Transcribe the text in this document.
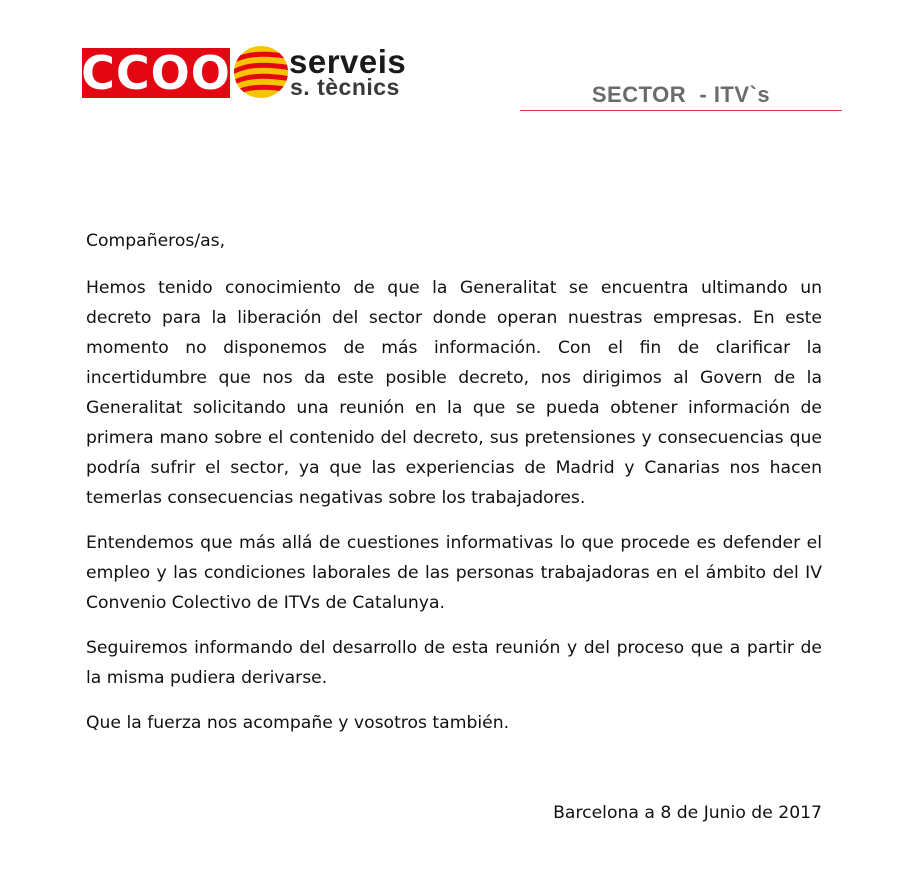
CCOO serveis
s. tècnics	SECTOR  - ITV`s

Compañeros/as,

Hemos tenido conocimiento de que la Generalitat se encuentra ultimando un decreto para la liberación del sector donde operan nuestras empresas. En este momento no disponemos de más información. Con el fin de clarificar la incertidumbre que nos da este posible decreto, nos dirigimos al Govern de la Generalitat solicitando una reunión en la que se pueda obtener información de primera mano sobre el contenido del decreto, sus pretensiones y consecuencias que podría sufrir el sector, ya que las experiencias de Madrid y Canarias nos hacen temerlas consecuencias negativas sobre los trabajadores.

Entendemos que más allá de cuestiones informativas lo que procede es defender el empleo y las condiciones laborales de las personas trabajadoras en el ámbito del IV Convenio Colectivo de ITVs de Catalunya.

Seguiremos informando del desarrollo de esta reunión y del proceso que a partir de la misma pudiera derivarse.

Que la fuerza nos acompañe y vosotros también.

Barcelona a 8 de Junio de 2017
